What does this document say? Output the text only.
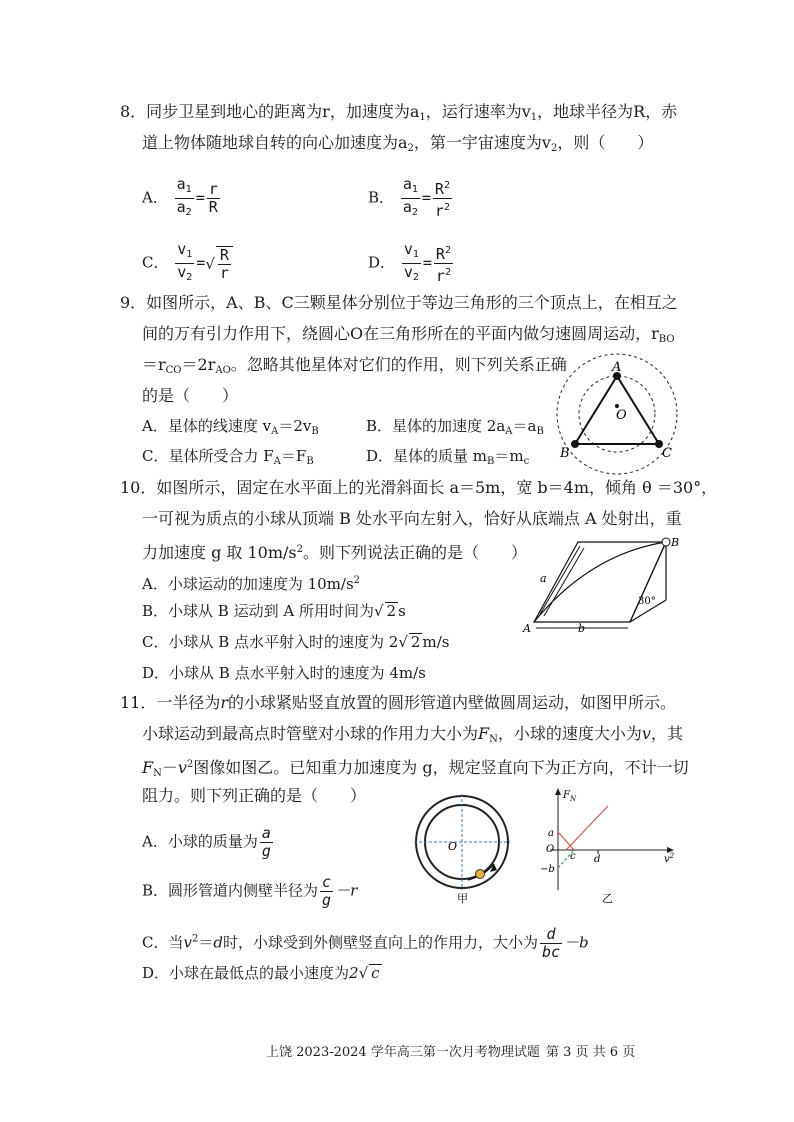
8．同步卫星到地心的距离为r，加速度为$a_1$，运行速率为$v_1$，地球半径为R，赤
道上物体随地球自转的向心加速度为$a_2$，第一宇宙速度为$v_2$，则（　　）
A． $\frac{a_1}{a_2} = \frac{r}{R}$	B． $\frac{a_1}{a_2} = \frac{R^2}{r^2}$
C． $\frac{v_1}{v_2}$ =√ $\frac{R}{r}$	D． $\frac{v_1}{v_2} = \frac{R^2}{r^2}$
9．如图所示，A、B、C三颗星体分别位于等边三角形的三个顶点上，在相互之
间的万有引力作用下，绕圆心O在三角形所在的平面内做匀速圆周运动，$r_{BO}$
$=r_{CO}=2r_{AO}$。忽略其他星体对它们的作用，则下列关系正确
的是（　　）
A．星体的线速度 $v_A=2v_B$	B．星体的加速度 $2a_A=a_B$
C．星体所受合力 $F_A=F_B$	D．星体的质量 $m_B=m_c$
A
O
B	C
10．如图所示，固定在水平面上的光滑斜面长 a＝5m，宽 b＝4m，倾角 θ ＝30°，
一可视为质点的小球从顶端 B 处水平向左射入，恰好从底端点 A 处射出，重
力加速度 g 取 $10m/s^2$。则下列说法正确的是（　　）
A．小球运动的加速度为 $10m/s^2$
B．小球从 B 运动到 A 所用时间为√ 2 s
C．小球从 B 点水平射入时的速度为 2√ 2 m/s
D．小球从 B 点水平射入时的速度为 4m/s
30°
a
b
A
B
11．一半径为r的小球紧贴竖直放置的圆形管道内壁做圆周运动，如图甲所示。
小球运动到最高点时管壁对小球的作用力大小为$F_N$，小球的速度大小为v，其
$F_N-v^2$图像如图乙。已知重力加速度为 g，规定竖直向下为正方向，不计一切
阻力。则下列正确的是（　　）
A．小球的质量为 $\frac{a}{g}$
B．圆形管道内侧壁半径为 $\frac{c}{g} -r$
C．当$v^2=d$时，小球受到外侧壁竖直向上的作用力，大小为 $\frac{d}{bc} -b$
D．小球在最低点的最小速度为2√ c
O
甲
$F_N$
a
O
c d
−b
$v^2$
乙
上饶 2023-2024 学年高三第一次月考物理试题 第 3 页 共 6 页
